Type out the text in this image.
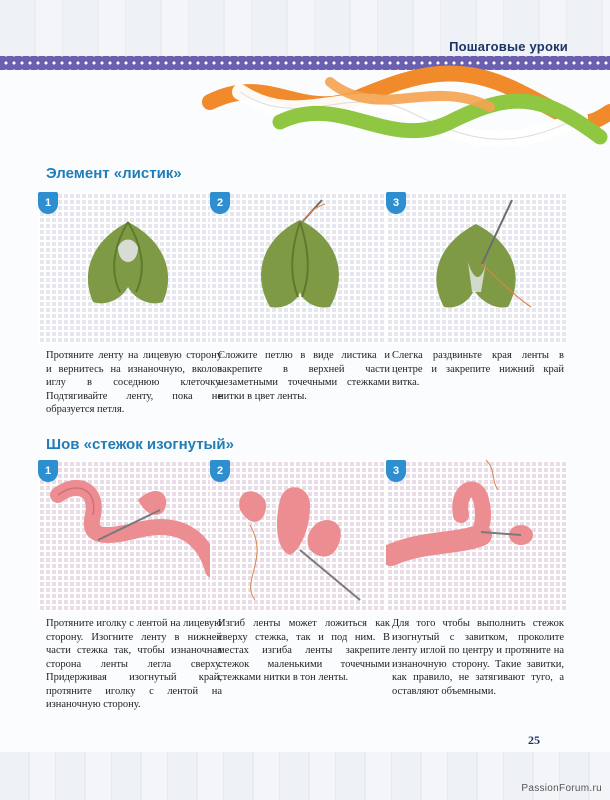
Пошаговые уроки
Элемент «листик»
1	2	3
Протяните ленту на лицевую сторону и вернитесь на изнаночную, вколов иглу в соседнюю клеточку. Подтягивайте ленту, пока не образуется петля.
Сложите петлю в виде листика и закрепите в верхней части незаметными точечными стежками нитки в цвет ленты.
Слегка раздвиньте края ленты в центре и закрепите нижний край витка.
Шов «стежок изогнутый»
1	2	3
Протяните иголку с лентой на лицевую сторону. Изогните ленту в нижней части стежка так, чтобы изнаночная сторона ленты легла сверху. Придерживая изогнутый край, протяните иголку с лентой на изнаночную сторону.
Изгиб ленты может ложиться как сверху стежка, так и под ним. В местах изгиба ленты закрепите стежок маленькими точечными стежками нитки в тон ленты.
Для того чтобы выполнить стежок изогнутый с завитком, проколите ленту иглой по центру и протяните на изнаночную сторону. Такие завитки, как правило, не затягивают туго, а оставляют объемными.
25
PassionForum.ru
